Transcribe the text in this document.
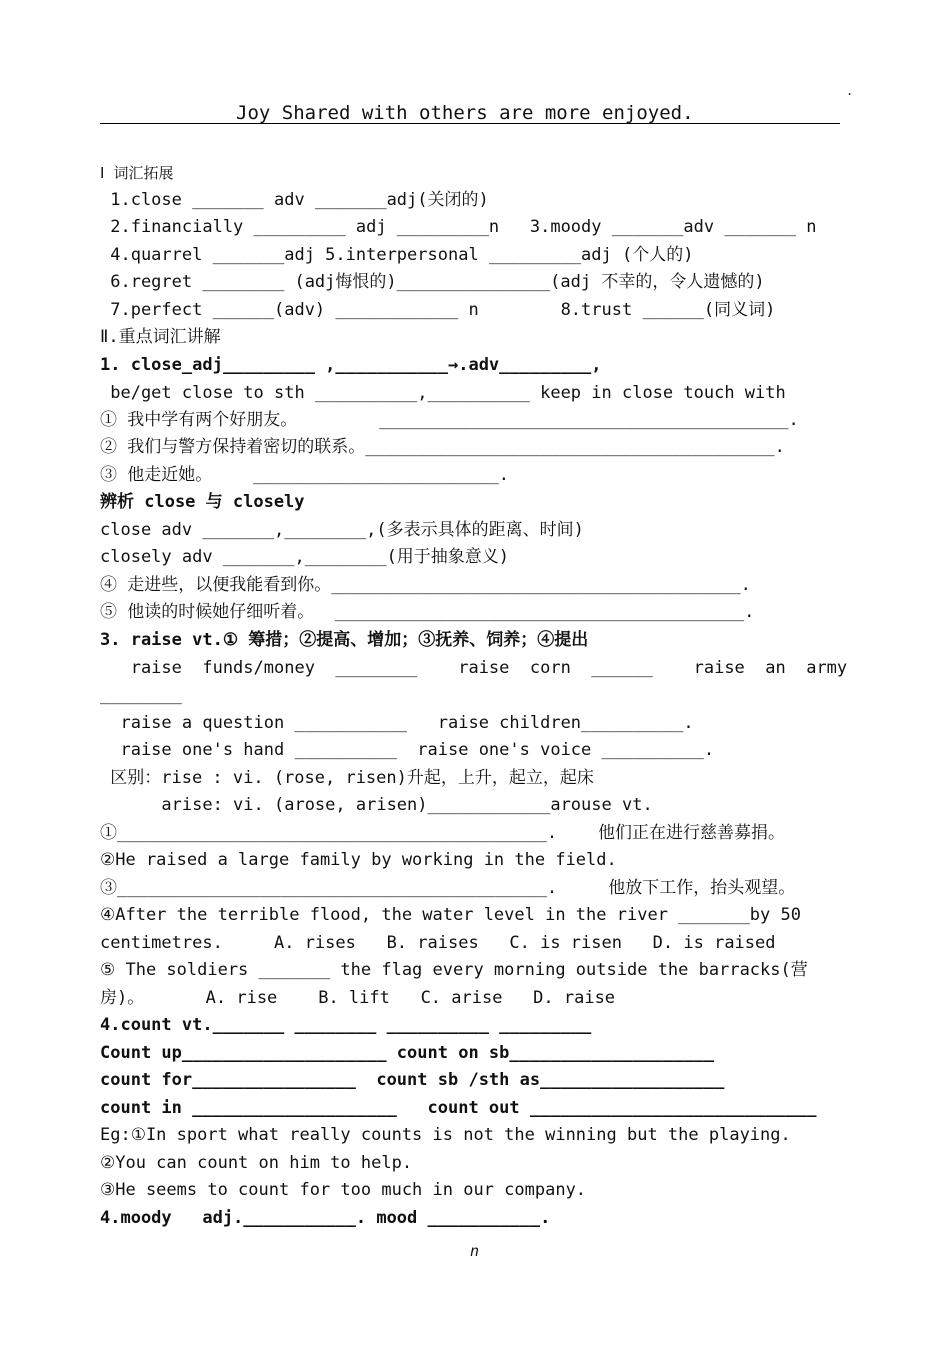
.
Joy Shared with others are more enjoyed.
Ⅰ 词汇拓展
1.close _______ adv _______adj(关闭的)
2.financially _________ adj _________n   3.moody _______adv _______ n
4.quarrel _______adj 5.interpersonal _________adj (个人的)
6.regret ________ (adj悔恨的)_______________(adj 不幸的，令人遗憾的)
7.perfect ______(adv) ____________ n        8.trust ______(同义词)
Ⅱ.重点词汇讲解
1. close_adj_________ ,___________→.adv_________,
be/get close to sth __________,__________ keep in close touch with
① 我中学有两个好朋友。        ________________________________________.
② 我们与警方保持着密切的联系。________________________________________.
③ 他走近她。    ________________________.
辨析 close 与 closely
close adv _______,________,(多表示具体的距离、时间)
closely adv _______,________(用于抽象意义)
④ 走进些，以便我能看到你。________________________________________.
⑤ 他读的时候她仔细听着。  ________________________________________.
3. raise vt.① 筹措；②提高、增加；③抚养、饲养；④提出
raise  funds/money  ________    raise  corn  ______    raise  an  army
________
raise a question ___________   raise children__________.
raise one's hand __________  raise one's voice __________.
区别：rise : vi. (rose, risen)升起，上升，起立，起床
arise: vi. (arose, arisen)____________arouse vt.
①__________________________________________.    他们正在进行慈善募捐。
②He raised a large family by working in the field.
③__________________________________________.     他放下工作，抬头观望。
④After the terrible flood, the water level in the river _______by 50
centimetres.     A. rises   B. raises   C. is risen   D. is raised
⑤ The soldiers _______ the flag every morning outside the barracks(营
房)。      A. rise    B. lift   C. arise   D. raise
4.count vt._______ ________ __________ _________
Count up____________________ count on sb____________________
count for________________  count sb /sth as__________________
count in ____________________   count out ____________________________
Eg:①In sport what really counts is not the winning but the playing.
②You can count on him to help.
③He seems to count for too much in our company.
4.moody   adj.___________. mood ___________.
n
